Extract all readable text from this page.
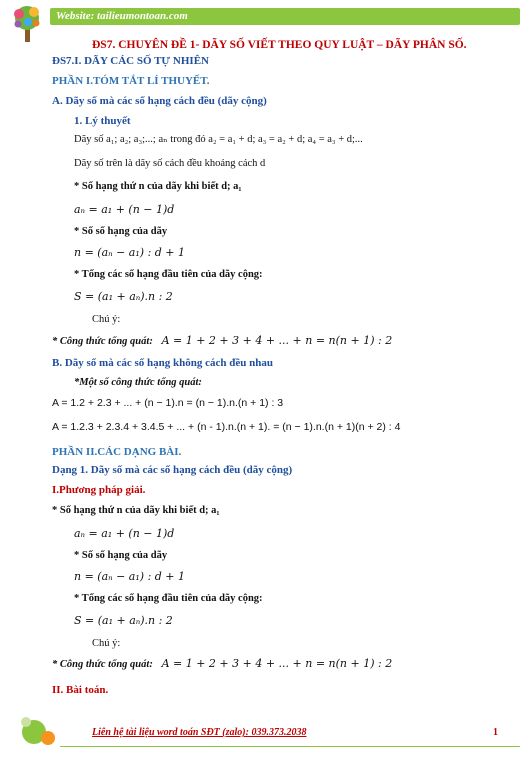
Website: tailieumontoan.com
ĐS7. CHUYÊN ĐỀ 1- DÃY SỐ VIẾT THEO QUY LUẬT – DÃY PHÂN SỐ.
ĐS7.I. DÃY CÁC SỐ TỰ NHIÊN
PHẦN I.TÓM TẮT LÍ THUYẾT.
A. Dãy số mà các số hạng cách đều (dãy cộng)
1. Lý thuyết
Dãy số a₁; a₂; a₃;...; aₙ trong đó a₂ = a₁ + d; a₃ = a₂ + d; a₄ = a₃ + d;...
Dãy số trên là dãy số cách đều khoảng cách d
* Số hạng thứ n của dãy khi biết d; a₁
aₙ = a₁ + (n − 1)d
* Số số hạng của dãy
n = (aₙ − a₁) : d + 1
* Tổng các số hạng đầu tiên của dãy cộng:
S = (a₁ + aₙ).n : 2
Chú ý:
* Công thức tổng quát: A = 1 + 2 + 3 + 4 + ... + n = n(n + 1) : 2
B. Dãy số mà các số hạng không cách đều nhau
*Một số công thức tổng quát:
A = 1.2 + 2.3 + ... + (n − 1).n = (n − 1).n.(n + 1) : 3
A = 1.2.3 + 2.3.4 + 3.4.5 + ... + (n - 1).n.(n + 1). = (n − 1).n.(n + 1)(n + 2) : 4
PHẦN II.CÁC DẠNG BÀI.
Dạng 1. Dãy số mà các số hạng cách đều (dãy cộng)
I.Phương pháp giải.
* Số hạng thứ n của dãy khi biết d; a₁
aₙ = a₁ + (n − 1)d
* Số số hạng của dãy
n = (aₙ − a₁) : d + 1
* Tổng các số hạng đầu tiên của dãy cộng:
S = (a₁ + aₙ).n : 2
Chú ý:
* Công thức tổng quát: A = 1 + 2 + 3 + 4 + ... + n = n(n + 1) : 2
II. Bài toán.
Liên hệ tài liệu word toán SĐT (zalo): 039.373.2038	1
